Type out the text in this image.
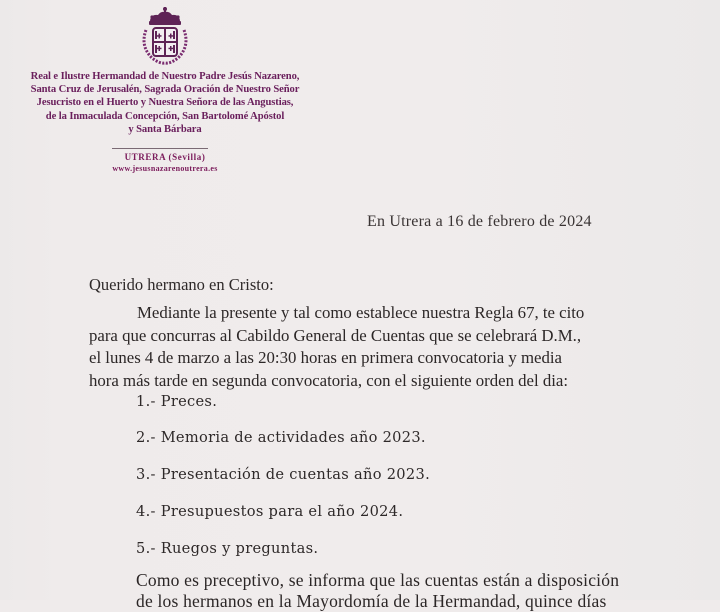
Real e Ilustre Hermandad de Nuestro Padre Jesús Nazareno,
Santa Cruz de Jerusalén, Sagrada Oración de Nuestro Señor
Jesucristo en el Huerto y Nuestra Señora de las Angustias,
de la Inmaculada Concepción, San Bartolomé Apóstol
y Santa Bárbara
UTRERA (Sevilla)
www.jesusnazarenoutrera.es
En Utrera a 16 de febrero de 2024
Querido hermano en Cristo:
Mediante la presente y tal como establece nuestra Regla 67, te cito
para que concurras al Cabildo General de Cuentas que se celebrará D.M.,
el lunes 4 de marzo a las 20:30 horas en primera convocatoria y media
hora más tarde en segunda convocatoria, con el siguiente orden del dia:
1.- Preces.
2.- Memoria de actividades año 2023.
3.- Presentación de cuentas año 2023.
4.- Presupuestos para el año 2024.
5.- Ruegos y preguntas.
Como es preceptivo, se informa que las cuentas están a disposición
de los hermanos en la Mayordomía de la Hermandad, quince días
